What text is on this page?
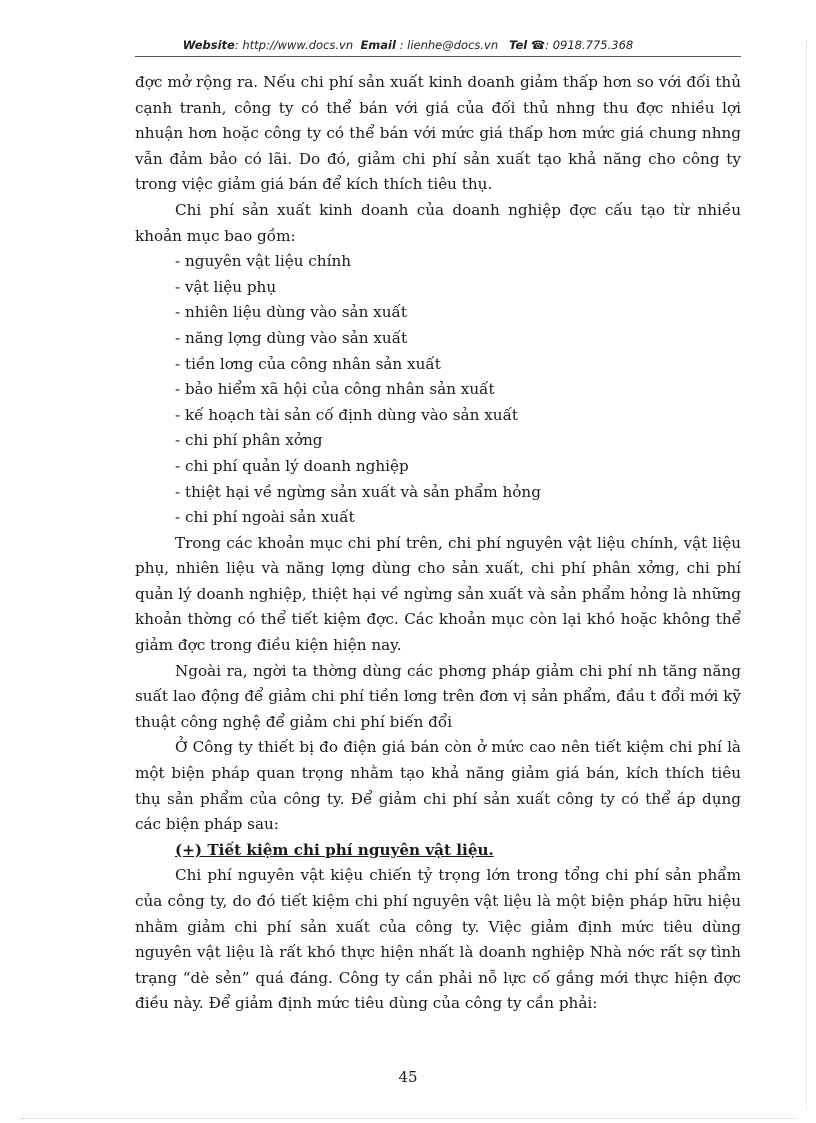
Website: http://www.docs.vn Email : lienhe@docs.vn Tel ☎: 0918.775.368

đợc mở rộng ra. Nếu chi phí sản xuất kinh doanh giảm thấp hơn so với đối thủ cạnh tranh, công ty có thể bán với giá của đối thủ nhng thu đợc nhiều lợi nhuận hơn hoặc công ty có thể bán với mức giá thấp hơn mức giá chung nhng vẫn đảm bảo có lãi. Do đó, giảm chi phí sản xuất tạo khả năng cho công ty trong việc giảm giá bán để kích thích tiêu thụ.

Chi phí sản xuất kinh doanh của doanh nghiệp đợc cấu tạo từ nhiều khoản mục bao gồm:

- nguyên vật liệu chính

- vật liệu phụ

- nhiên liệu dùng vào sản xuất

- năng lợng dùng vào sản xuất

- tiền lơng của công nhân sản xuất

- bảo hiểm xã hội của công nhân sản xuất

- kế hoạch tài sản cố định dùng vào sản xuất

- chi phí phân xởng

- chi phí quản lý doanh nghiệp

- thiệt hại về ngừng sản xuất và sản phẩm hỏng

- chi phí ngoài sản xuất

Trong các khoản mục chi phí trên, chi phí nguyên vật liệu chính, vật liệu phụ, nhiên liệu và năng lợng dùng cho sản xuất, chi phí phân xởng, chi phí quản lý doanh nghiệp, thiệt hại về ngừng sản xuất và sản phẩm hỏng là những khoản thờng có thể tiết kiệm đợc. Các khoản mục còn lại khó hoặc không thể giảm đợc trong điều kiện hiện nay.

Ngoài ra, ngời ta thờng dùng các phơng pháp giảm chi phí nh tăng năng suất lao động để giảm chi phí tiền lơng trên đơn vị sản phẩm, đầu t đổi mới kỹ thuật công nghệ để giảm chi phí biến đổi

Ở Công ty thiết bị đo điện giá bán còn ở mức cao nên tiết kiệm chi phí là một biện pháp quan trọng nhằm tạo khả năng giảm giá bán, kích thích tiêu thụ sản phẩm của công ty. Để giảm chi phí sản xuất công ty có thể áp dụng các biện pháp sau:

(+) Tiết kiệm chi phí nguyên vật liệu.

Chi phí nguyên vật kiệu chiến tỷ trọng lớn trong tổng chi phí sản phẩm của công ty, do đó tiết kiệm chi phí nguyên vật liệu là một biện pháp hữu hiệu nhằm giảm chi phí sản xuất của công ty. Việc giảm định mức tiêu dùng nguyên vật liệu là rất khó thực hiện nhất là doanh nghiệp Nhà nớc rất sợ tình trạng “dè sẻn” quá đáng. Công ty cần phải nỗ lực cố gắng mới thực hiện đợc điều này. Để giảm định mức tiêu dùng của công ty cần phải:

45
